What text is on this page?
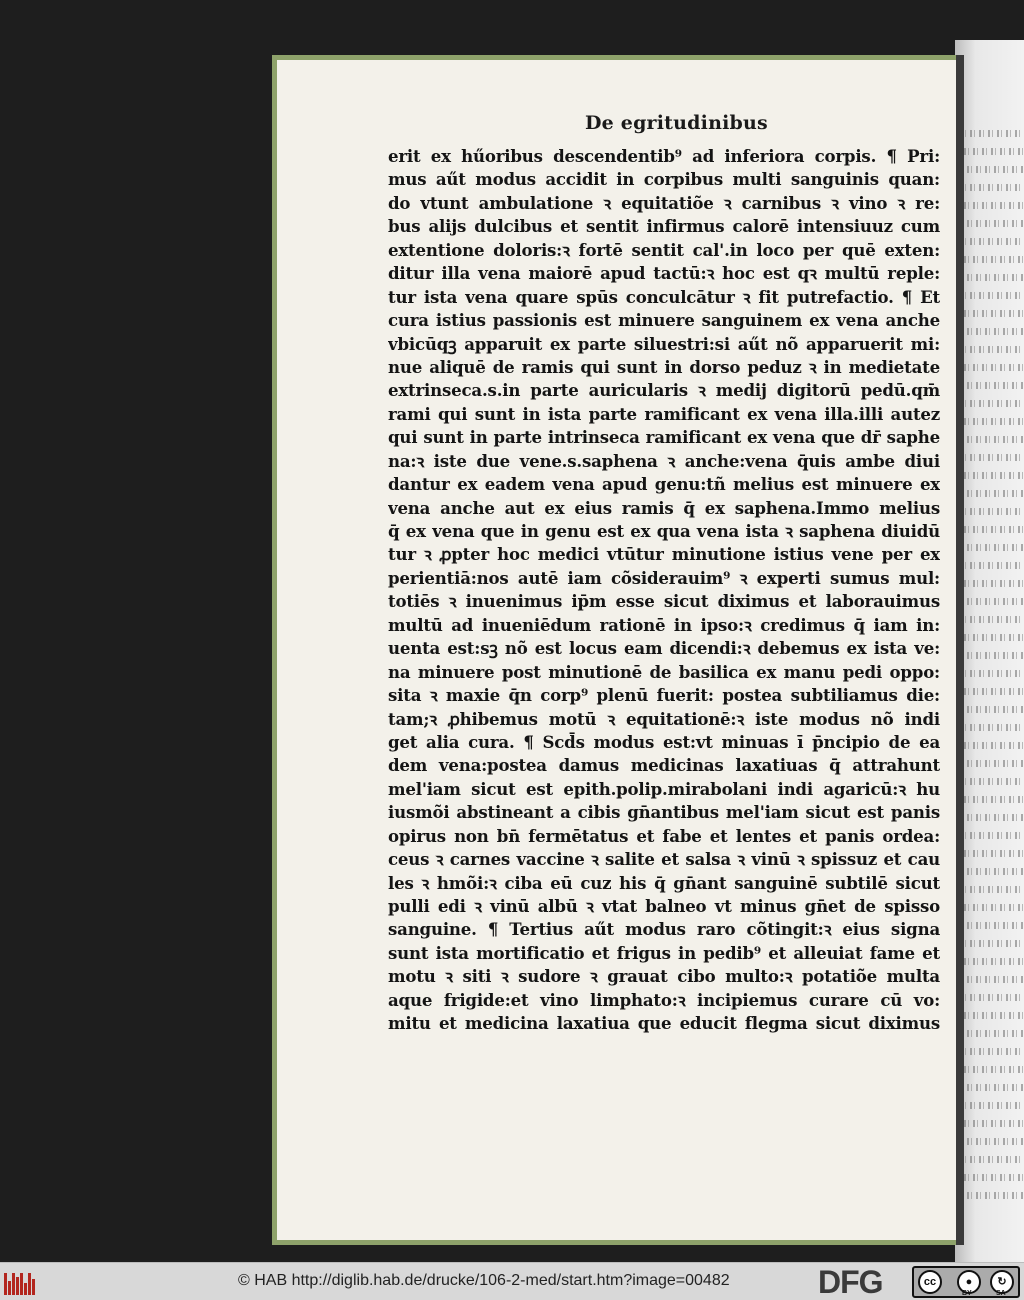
De egritudinibus
erit ex hűoribus descendentib⁹ ad inferiora corpis. ¶ Pri:
mus aűt modus accidit in corpibus multi sanguinis quan:
do vtunt ambulatione ꝛ equitatiõe ꝛ carnibus ꝛ vino ꝛ re:
bus alijs dulcibus et sentit infirmus calorē intensiuuz cum
extentione doloris:ꝛ fortē sentit cal'.in loco per quē exten:
ditur illa vena maiorē apud tactū:ꝛ hoc est qꝛ multū reple:
tur ista vena quare spūs conculcātur ꝛ fit putrefactio. ¶ Et
cura istius passionis est minuere sanguinem ex vena anche
vbicūqꝫ apparuit ex parte siluestri:si aűt nõ apparuerit mi:
nue aliquē de ramis qui sunt in dorso peduz ꝛ in medietate
extrinseca.s.in parte auricularis ꝛ medij digitorū pedū.qm̄
rami qui sunt in ista parte ramificant ex vena illa.illi autez
qui sunt in parte intrinseca ramificant ex vena que dr̄ saphe
na:ꝛ iste due vene.s.saphena ꝛ anche:vena q̄uis ambe diui
dantur ex eadem vena apud genu:tñ melius est minuere ex
vena anche aut ex eius ramis q̄ ex saphena.Immo melius
q̄ ex vena que in genu est ex qua vena ista ꝛ saphena diuidū
tur ꝛ ꝓpter hoc medici vtūtur minutione istius vene per ex
perientiā:nos autē iam cõsiderauim⁹ ꝛ experti sumus mul:
totiēs ꝛ inuenimus ip̄m esse sicut diximus et laborauimus
multū ad inueniēdum rationē in ipso:ꝛ credimus q̄ iam in:
uenta est:sꝫ nõ est locus eam dicendi:ꝛ debemus ex ista ve:
na minuere post minutionē de basilica ex manu pedi oppo:
sita ꝛ maxie q̄n corp⁹ plenū fuerit: postea subtiliamus die:
tam;ꝛ ꝓhibemus motū ꝛ equitationē:ꝛ iste modus nõ indi
get alia cura. ¶ Scd̄s modus est:vt minuas ī p̄ncipio de ea
dem vena:postea damus medicinas laxatiuas q̄ attrahunt
mel'iam sicut est epith.polip.mirabolani indi agaricū:ꝛ hu
iusmõi abstineant a cibis gn̄antibus mel'iam sicut est panis
opirus non bn̄ fermētatus et fabe et lentes et panis ordea:
ceus ꝛ carnes vaccine ꝛ salite et salsa ꝛ vinū ꝛ spissuz et cau
les ꝛ hmõi:ꝛ ciba eū cuz his q̄ gn̄ant sanguinē subtilē sicut
pulli edi ꝛ vinū albū ꝛ vtat balneo vt minus gn̄et de spisso
sanguine. ¶ Tertius aűt modus raro cõtingit:ꝛ eius signa
sunt ista mortificatio et frigus in pedib⁹ et alleuiat fame et
motu ꝛ siti ꝛ sudore ꝛ grauat cibo multo:ꝛ potatiõe multa
aque frigide:et vino limphato:ꝛ incipiemus curare cū vo:
mitu et medicina laxatiua que educit flegma sicut diximus
© HAB http://diglib.hab.de/drucke/106-2-med/start.htm?image=00482	DFG	cc	●	↻
BY	SA
